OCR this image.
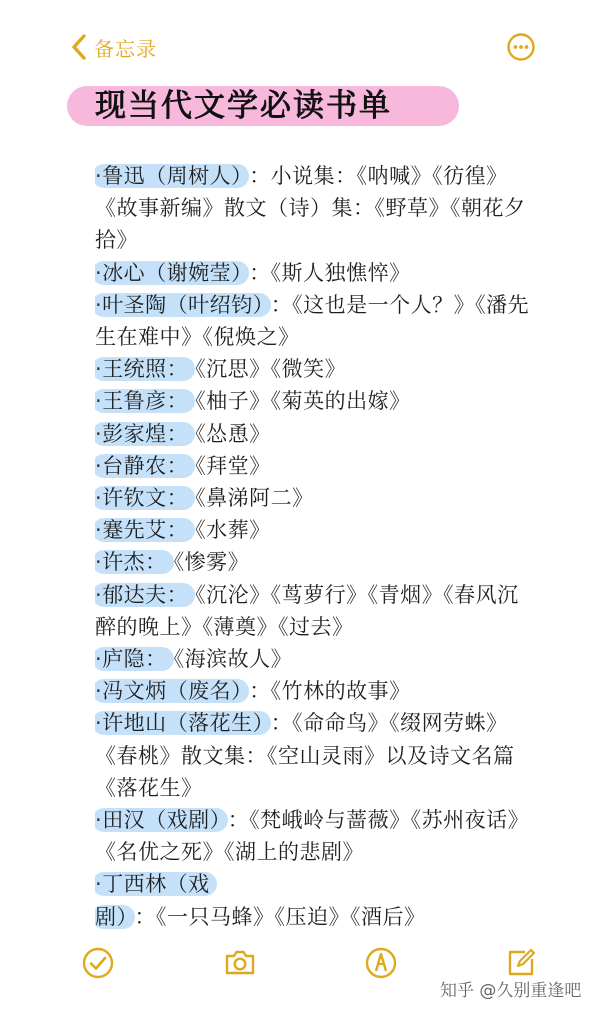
备忘录
现当代文学必读书单
·鲁迅（周树人） ：小说集：《呐喊》《彷徨》《故事新编》散文（诗）集：《野草》《朝花夕拾》
·冰心（谢婉莹） ：《斯人独憔悴》
·叶圣陶（叶绍钧） ：《这也是一个人？》《潘先生在难中》《倪焕之》
·王统照： 《沉思》《微笑》
·王鲁彦： 《柚子》《菊英的出嫁》
·彭家煌： 《怂恿》
·台静农： 《拜堂》
·许钦文： 《鼻涕阿二》
·蹇先艾： 《水葬》
·许杰： 《惨雾》
·郁达夫： 《沉沦》《茑萝行》《青烟》《春风沉醉的晚上》《薄奠》《过去》
·庐隐： 《海滨故人》
·冯文炳（废名） ：《竹林的故事》
·许地山（落花生） ：《命命鸟》《缀网劳蛛》《春桃》散文集：《空山灵雨》以及诗文名篇《落花生》
·田汉（戏剧） ：《梵峨岭与蔷薇》《苏州夜话》《名优之死》《湖上的悲剧》
·丁西林（戏剧） ：《一只马蜂》《压迫》《酒后》
知乎 @久别重逢吧
